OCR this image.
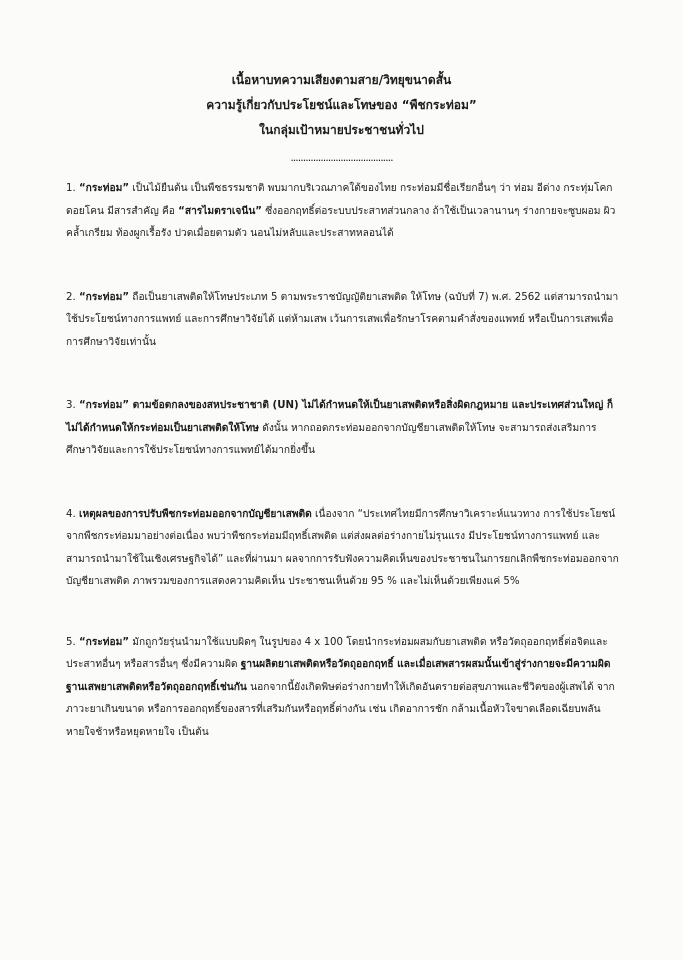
เนื้อหาบทความเสียงตามสาย/วิทยุขนาดสั้น
ความรู้เกี่ยวกับประโยชน์และโทษของ “พืชกระท่อม”
ในกลุ่มเป้าหมายประชาชนทั่วไป
.........................................

1. “กระท่อม” เป็นไม้ยืนต้น เป็นพืชธรรมชาติ พบมากบริเวณภาคใต้ของไทย กระท่อมมีชื่อเรียกอื่นๆ ว่า ท่อม อีด่าง กระทุ่มโคก ดอยโคน มีสารสำคัญ คือ “สารไมตราเจนีน” ซึ่งออกฤทธิ์ต่อระบบประสาทส่วนกลาง ถ้าใช้เป็นเวลานานๆ ร่างกายจะซูบผอม ผิวคล้ำเกรียม ท้องผูกเรื้อรัง ปวดเมื่อยตามตัว นอนไม่หลับและประสาทหลอนได้

2. “กระท่อม” ถือเป็นยาเสพติดให้โทษประเภท 5 ตามพระราชบัญญัติยาเสพติด ให้โทษ (ฉบับที่ 7) พ.ศ. 2562 แต่สามารถนำมาใช้ประโยชน์ทางการแพทย์ และการศึกษาวิจัยได้ แต่ห้ามเสพ เว้นการเสพเพื่อรักษาโรคตามคำสั่งของแพทย์ หรือเป็นการเสพเพื่อการศึกษาวิจัยเท่านั้น

3. “กระท่อม” ตามข้อตกลงของสหประชาชาติ (UN) ไม่ได้กำหนดให้เป็นยาเสพติดหรือสิ่งผิดกฎหมาย และประเทศส่วนใหญ่ ก็ไม่ได้กำหนดให้กระท่อมเป็นยาเสพติดให้โทษ ดังนั้น หากถอดกระท่อมออกจากบัญชียาเสพติดให้โทษ จะสามารถส่งเสริมการศึกษาวิจัยและการใช้ประโยชน์ทางการแพทย์ได้มากยิ่งขึ้น

4. เหตุผลของการปรับพืชกระท่อมออกจากบัญชียาเสพติด เนื่องจาก “ประเทศไทยมีการศึกษาวิเคราะห์แนวทาง การใช้ประโยชน์จากพืชกระท่อมมาอย่างต่อเนื่อง พบว่าพืชกระท่อมมีฤทธิ์เสพติด แต่ส่งผลต่อร่างกายไม่รุนแรง มีประโยชน์ทางการแพทย์ และสามารถนำมาใช้ในเชิงเศรษฐกิจได้” และที่ผ่านมา ผลจากการรับฟังความคิดเห็นของประชาชนในการยกเลิกพืชกระท่อมออกจากบัญชียาเสพติด ภาพรวมของการแสดงความคิดเห็น ประชาชนเห็นด้วย 95 % และไม่เห็นด้วยเพียงแค่ 5%

5. “กระท่อม” มักถูกวัยรุ่นนำมาใช้แบบผิดๆ ในรูปของ 4 x 100 โดยนำกระท่อมผสมกับยาเสพติด หรือวัตถุออกฤทธิ์ต่อจิตและประสาทอื่นๆ หรือสารอื่นๆ ซึ่งมีความผิด ฐานผลิตยาเสพติดหรือวัตถุออกฤทธิ์ และเมื่อเสพสารผสมนั้นเข้าสู่ร่างกายจะมีความผิดฐานเสพยาเสพติดหรือวัตถุออกฤทธิ์เช่นกัน นอกจากนี้ยังเกิดพิษต่อร่างกายทำให้เกิดอันตรายต่อสุขภาพและชีวิตของผู้เสพได้ จากภาวะยาเกินขนาด หรือการออกฤทธิ์ของสารที่เสริมกันหรือฤทธิ์ต่างกัน เช่น เกิดอาการชัก กล้ามเนื้อหัวใจขาดเลือดเฉียบพลัน หายใจช้าหรือหยุดหายใจ เป็นต้น
